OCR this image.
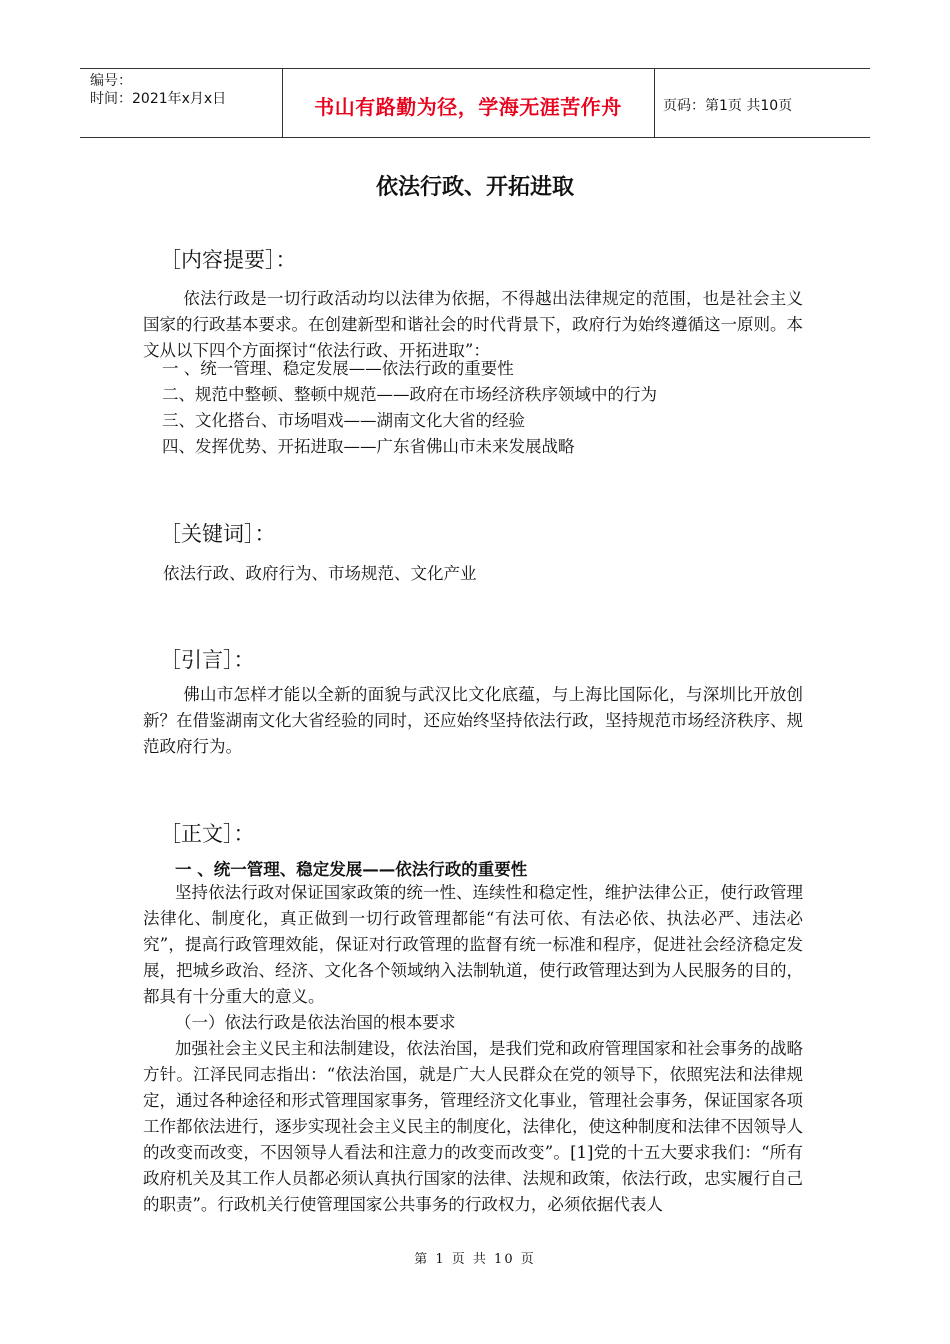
编号：
时间：2021年x月x日	书山有路勤为径，学海无涯苦作舟	页码：第1页 共10页
依法行政、开拓进取
［内容提要］：

依法行政是一切行政活动均以法律为依据，不得越出法律规定的范围，也是社会主义国家的行政基本要求。在创建新型和谐社会的时代背景下，政府行为始终遵循这一原则。本文从以下四个方面探讨“依法行政、开拓进取”：

一 、统一管理、稳定发展——依法行政的重要性
二、规范中整顿、整顿中规范——政府在市场经济秩序领域中的行为
三、文化搭台、市场唱戏——湖南文化大省的经验
四、发挥优势、开拓进取——广东省佛山市未来发展战略
［关键词］：
依法行政、政府行为、市场规范、文化产业
［引言］：

佛山市怎样才能以全新的面貌与武汉比文化底蕴，与上海比国际化，与深圳比开放创新？在借鉴湖南文化大省经验的同时，还应始终坚持依法行政，坚持规范市场经济秩序、规范政府行为。

［正文］：
一 、统一管理、稳定发展——依法行政的重要性

坚持依法行政对保证国家政策的统一性、连续性和稳定性，维护法律公正，使行政管理法律化、制度化，真正做到一切行政管理都能“有法可依、有法必依、执法必严、违法必究”，提高行政管理效能，保证对行政管理的监督有统一标准和程序，促进社会经济稳定发展，把城乡政治、经济、文化各个领域纳入法制轨道，使行政管理达到为人民服务的目的，都具有十分重大的意义。

（一）依法行政是依法治国的根本要求

加强社会主义民主和法制建设，依法治国，是我们党和政府管理国家和社会事务的战略方针。江泽民同志指出：“依法治国，就是广大人民群众在党的领导下，依照宪法和法律规定，通过各种途径和形式管理国家事务，管理经济文化事业，管理社会事务，保证国家各项工作都依法进行，逐步实现社会主义民主的制度化，法律化，使这种制度和法律不因领导人的改变而改变，不因领导人看法和注意力的改变而改变”。[1]党的十五大要求我们：“所有政府机关及其工作人员都必须认真执行国家的法律、法规和政策，依法行政，忠实履行自己的职责”。行政机关行使管理国家公共事务的行政权力，必须依据代表人

第 1 页 共 10 页
